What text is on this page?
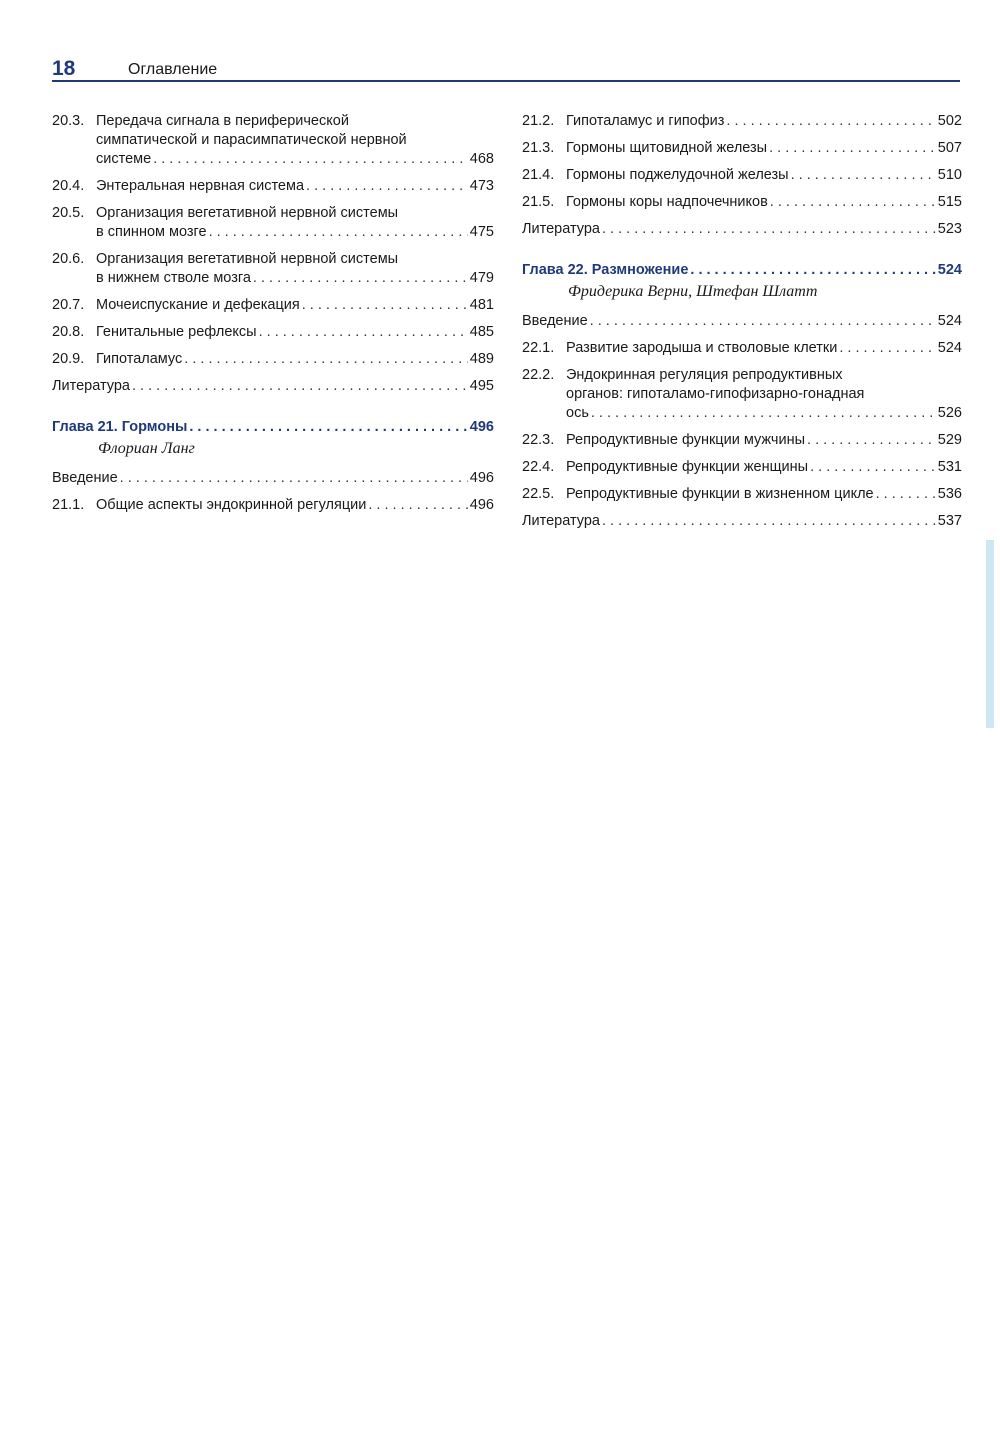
18	Оглавление
20.3. Передача сигнала в периферической
симпатической и парасимпатической нервной
системе . . .	468
20.4. Энтеральная нервная система . . .	473
20.5. Организация вегетативной нервной системы
в спинном мозге . . .	475
20.6. Организация вегетативной нервной системы
в нижнем стволе мозга . . .	479
20.7. Мочеиспускание и дефекация . . .	481
20.8. Генитальные рефлексы . . .	485
20.9. Гипоталамус . . .	489
Литература . . .	495
Глава 21. Гормоны . . .	496
Флориан Ланг
Введение . . .	496
21.1. Общие аспекты эндокринной регуляции . . .	496
21.2. Гипоталамус и гипофиз . . .	502
21.3. Гормоны щитовидной железы . . .	507
21.4. Гормоны поджелудочной железы . . .	510
21.5. Гормоны коры надпочечников . . .	515
Литература . . .	523
Глава 22. Размножение . . .	524
Фридерика Верни, Штефан Шлатт
Введение . . .	524
22.1. Развитие зародыша и стволовые клетки . . .	524
22.2. Эндокринная регуляция репродуктивных
органов: гипоталамо-гипофизарно-гонадная
ось . . .	526
22.3. Репродуктивные функции мужчины . . .	529
22.4. Репродуктивные функции женщины . . .	531
22.5. Репродуктивные функции в жизненном цикле . . .	536
Литература . . .	537
